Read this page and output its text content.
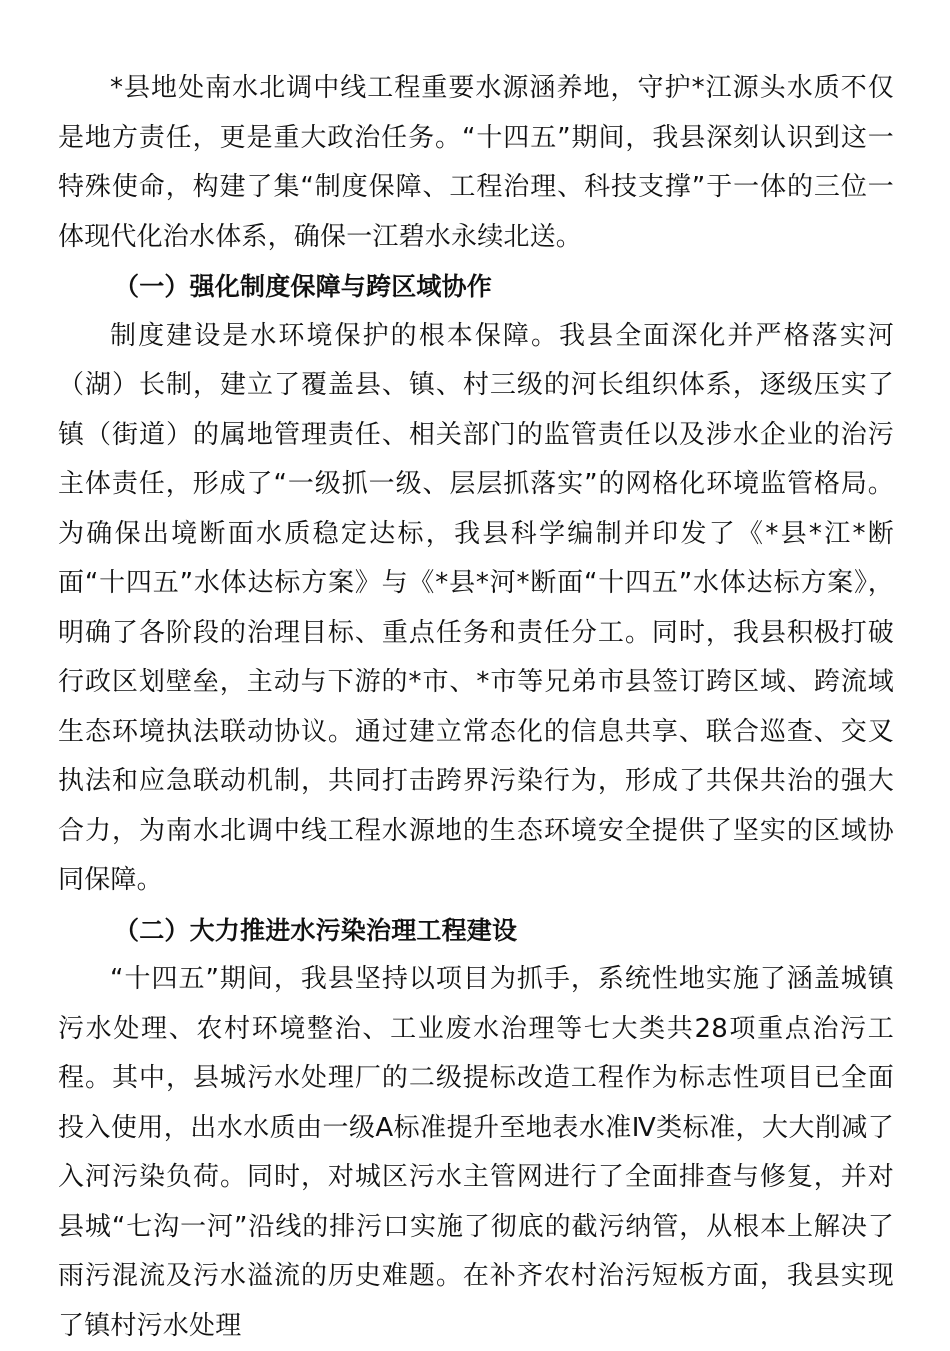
*县地处南水北调中线工程重要水源涵养地，守护*江源头水质不仅是地方责任，更是重大政治任务。“十四五”期间，我县深刻认识到这一特殊使命，构建了集“制度保障、工程治理、科技支撑”于一体的三位一体现代化治水体系，确保一江碧水永续北送。

（一）强化制度保障与跨区域协作

制度建设是水环境保护的根本保障。我县全面深化并严格落实河（湖）长制，建立了覆盖县、镇、村三级的河长组织体系，逐级压实了镇（街道）的属地管理责任、相关部门的监管责任以及涉水企业的治污主体责任，形成了“一级抓一级、层层抓落实”的网格化环境监管格局。为确保出境断面水质稳定达标，我县科学编制并印发了《*县*江*断面“十四五”水体达标方案》与《*县*河*断面“十四五”水体达标方案》，明确了各阶段的治理目标、重点任务和责任分工。同时，我县积极打破行政区划壁垒，主动与下游的*市、*市等兄弟市县签订跨区域、跨流域生态环境执法联动协议。通过建立常态化的信息共享、联合巡查、交叉执法和应急联动机制，共同打击跨界污染行为，形成了共保共治的强大合力，为南水北调中线工程水源地的生态环境安全提供了坚实的区域协同保障。

（二）大力推进水污染治理工程建设

“十四五”期间，我县坚持以项目为抓手，系统性地实施了涵盖城镇污水处理、农村环境整治、工业废水治理等七大类共28项重点治污工程。其中，县城污水处理厂的二级提标改造工程作为标志性项目已全面投入使用，出水水质由一级A标准提升至地表水准Ⅳ类标准，大大削减了入河污染负荷。同时，对城区污水主管网进行了全面排查与修复，并对县城“七沟一河”沿线的排污口实施了彻底的截污纳管，从根本上解决了雨污混流及污水溢流的历史难题。在补齐农村治污短板方面，我县实现了镇村污水处理
